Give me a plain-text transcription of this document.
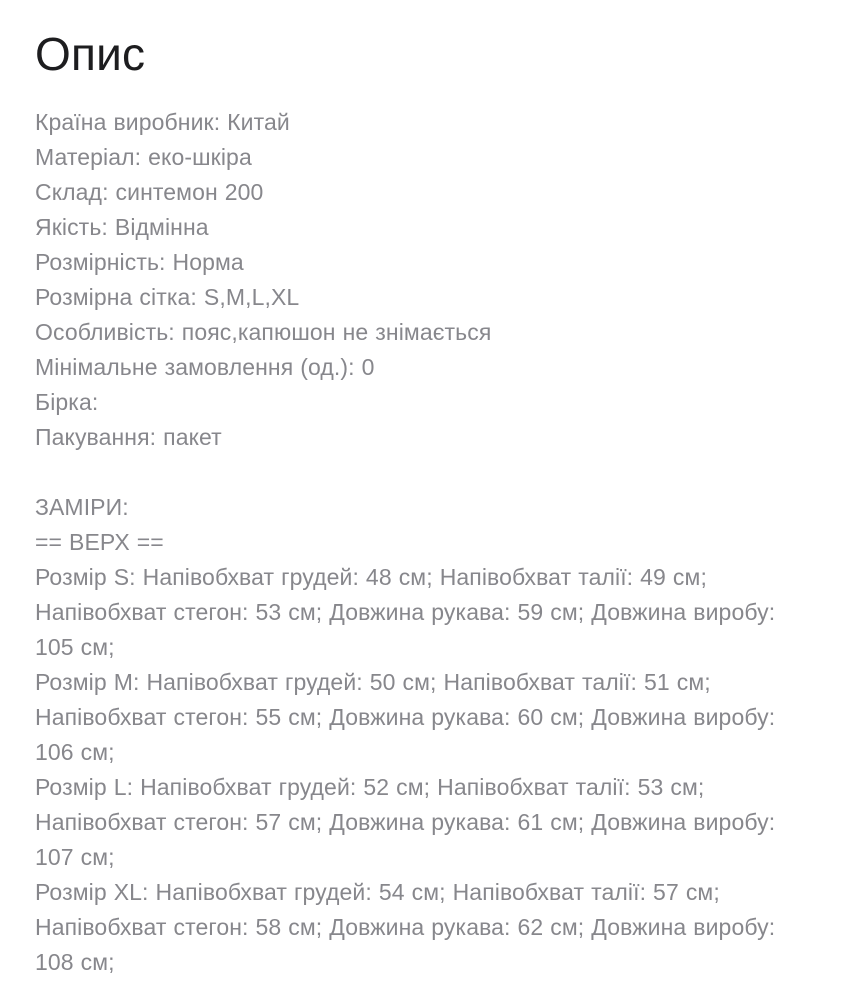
Опис

Країна виробник: Китай

Матеріал: еко-шкіра

Склад: синтемон 200

Якість: Відмінна

Розмірність: Норма

Розмірна сітка: S,M,L,XL

Особливість: пояс,капюшон не знімається

Мінімальне замовлення (од.): 0

Бірка:

Пакування: пакет

ЗАМІРИ:

== ВЕРХ ==

Розмір S: Напівобхват грудей: 48 см; Напівобхват талії: 49 см; Напівобхват стегон: 53 см; Довжина рукава: 59 см; Довжина виробу: 105 см;

Розмір M: Напівобхват грудей: 50 см; Напівобхват талії: 51 см; Напівобхват стегон: 55 см; Довжина рукава: 60 см; Довжина виробу: 106 см;

Розмір L: Напівобхват грудей: 52 см; Напівобхват талії: 53 см; Напівобхват стегон: 57 см; Довжина рукава: 61 см; Довжина виробу: 107 см;

Розмір XL: Напівобхват грудей: 54 см; Напівобхват талії: 57 см; Напівобхват стегон: 58 см; Довжина рукава: 62 см; Довжина виробу: 108 см;
